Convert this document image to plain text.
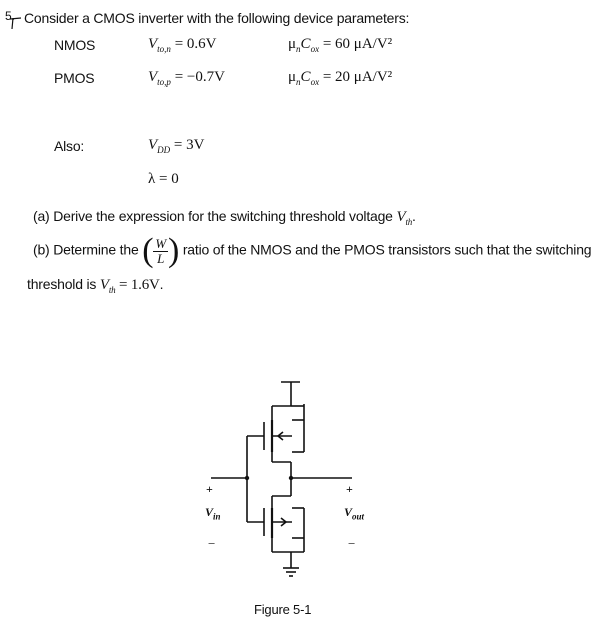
5. Consider a CMOS inverter with the following device parameters:
NMOS	$V_{to,n} = 0.6V$	$\mu_nC_{ox} = 60$ μA/V²
PMOS	$V_{to,p} = -0.7V$	$\mu_nC_{ox} = 20$ μA/V²
Also:	$V_{DD} = 3V$
λ = 0
(a) Derive the expression for the switching threshold voltage $V_{th}$.
(b) Determine the ( $\frac{W}{L}$ ) ratio of the NMOS and the PMOS transistors such that the switching
threshold is $V_{th} = 1.6V$.
+
$V_{in}$
−
+
$V_{out}$
−
Figure 5-1
